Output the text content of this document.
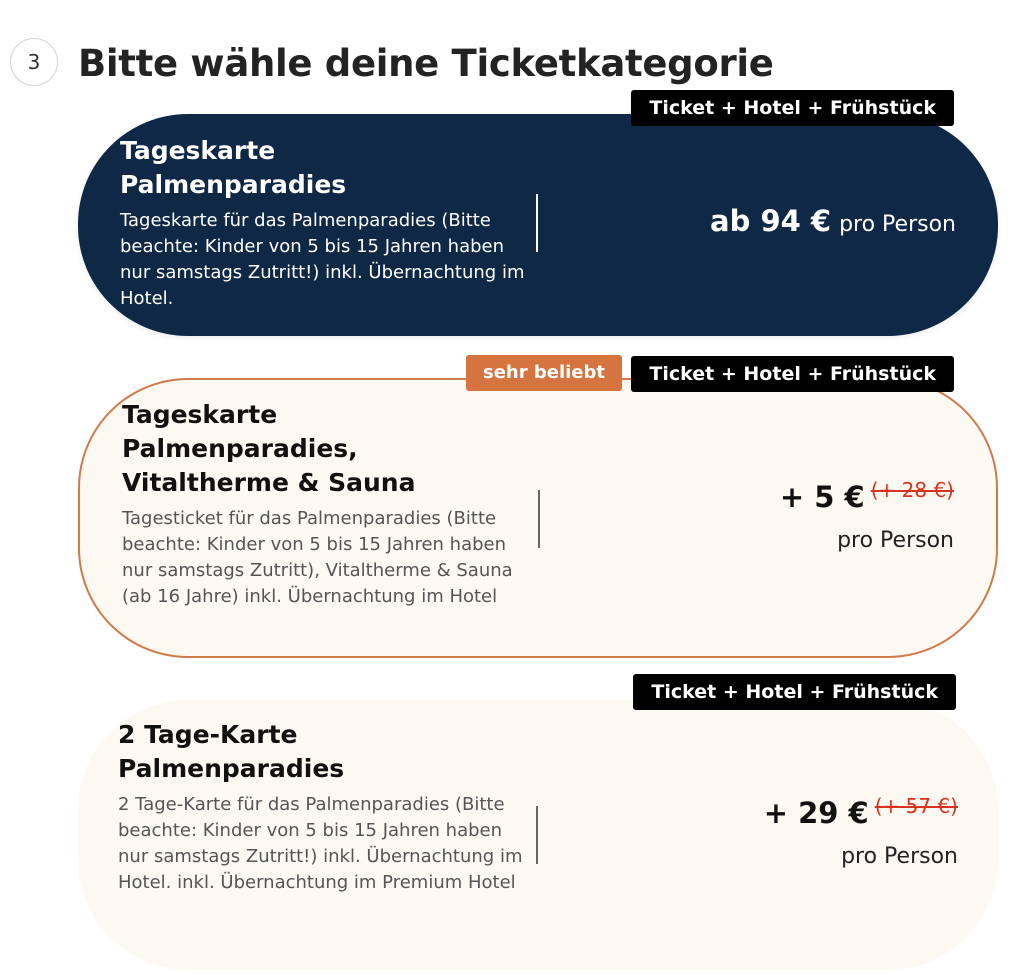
3 Bitte wähle deine Ticketkategorie
Ticket + Hotel + Frühstück

Tageskarte
Palmenparadies

Tageskarte für das Palmenparadies (Bitte beachte: Kinder von 5 bis 15 Jahren haben nur samstags Zutritt!) inkl. Übernachtung im Hotel.

ab 94 € pro Person
sehr beliebt	Ticket + Hotel + Frühstück

Tageskarte
Palmenparadies,
Vitaltherme & Sauna

Tagesticket für das Palmenparadies (Bitte beachte: Kinder von 5 bis 15 Jahren haben nur samstags Zutritt), Vitaltherme & Sauna (ab 16 Jahre) inkl. Übernachtung im Hotel

+ 5 € (+ 28 €)
pro Person
Ticket + Hotel + Frühstück

2 Tage-Karte
Palmenparadies

2 Tage-Karte für das Palmenparadies (Bitte beachte: Kinder von 5 bis 15 Jahren haben nur samstags Zutritt!) inkl. Übernachtung im Hotel. inkl. Übernachtung im Premium Hotel

+ 29 € (+ 57 €)
pro Person
